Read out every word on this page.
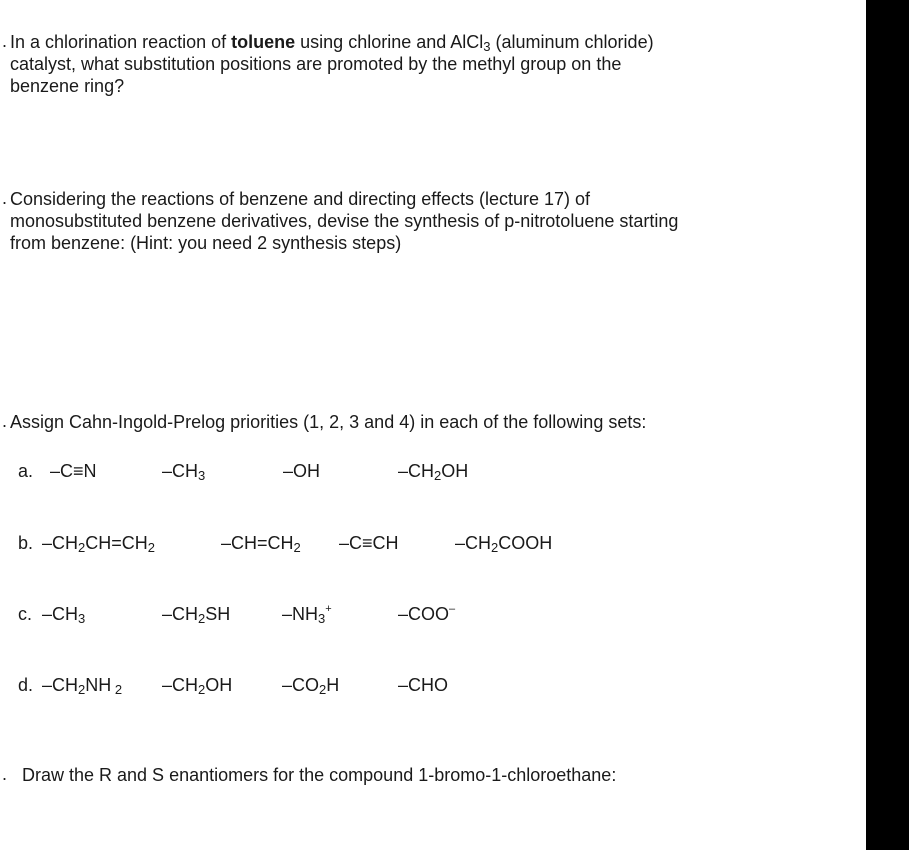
. In a chlorination reaction of toluene using chlorine and AlCl$_3$ (aluminum chloride)
catalyst, what substitution positions are promoted by the methyl group on the
benzene ring?
. Considering the reactions of benzene and directing effects (lecture 17) of
monosubstituted benzene derivatives, devise the synthesis of p-nitrotoluene starting
from benzene: (Hint: you need 2 synthesis steps)
. Assign Cahn-Ingold-Prelog priorities (1, 2, 3 and 4) in each of the following sets:
a. –C≡N	$-CH_3$	–OH	$-CH_2OH$
b. $-CH_2CH=CH_2$	$-CH=CH_2$ –C≡CH	$-CH_2COOH$
c. $-CH_3$	$-CH_2SH$	$-NH_3^+$	–COO–
d. $-CH_2NH$ $_2$ $-CH_2OH$	$-CO_2H$	–CHO
. Draw the R and S enantiomers for the compound 1-bromo-1-chloroethane:
